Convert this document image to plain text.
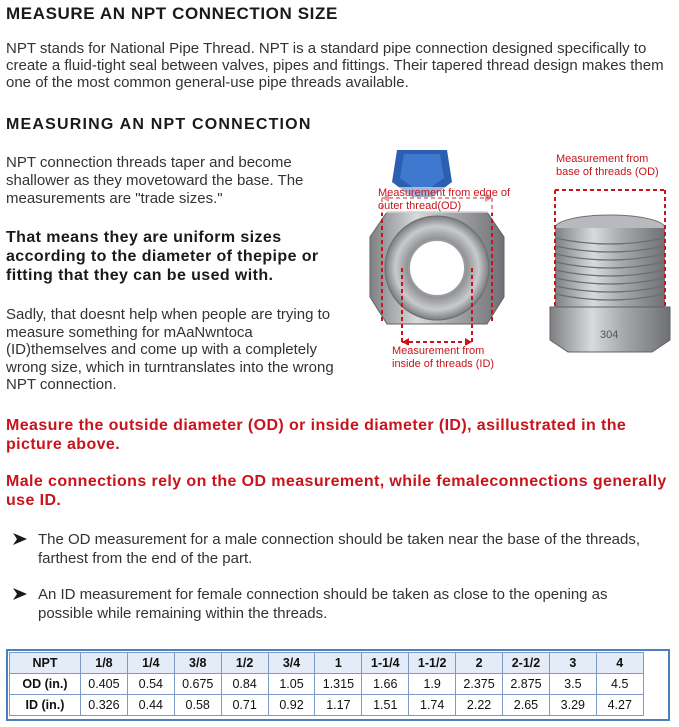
MEASURE AN NPT CONNECTION SIZE
NPT stands for National Pipe Thread. NPT is a standard pipe connection designed specifically to create a fluid-tight seal between valves, pipes and fittings. Their tapered thread design makes them one of the most common general-use pipe threads available.
MEASURING AN NPT CONNECTION
NPT connection threads taper and become shallower as they movetoward the base. The measurements are "trade sizes."
That means they are uniform sizes according to the diameter of thepipe or fitting that they can be used with.
Sadly, that doesnt help when people are trying to measure something for mAaNwntoca (ID)themselves and come up with a completely wrong size, which in turntranslates into the wrong NPT connection.
304
Measurement from edge of outer thread(OD)
Measurement from base of threads (OD)
Measurement from inside of threads (ID)
Measure the outside diameter (OD) or inside diameter (ID), asillustrated in the picture above.
Male connections rely on the OD measurement, while femaleconnections generally use ID.
The OD measurement for a male connection should be taken near the base of the threads, farthest from the end of the part.
An ID measurement for female connection should be taken as close to the opening as possible while remaining within the threads.
NPT	1/8	1/4	3/8	1/2	3/4	1	1-1/4	1-1/2	2	2-1/2	3	4
OD (in.)	0.405	0.54	0.675	0.84	1.05	1.315	1.66	1.9	2.375	2.875	3.5	4.5
ID (in.)	0.326	0.44	0.58	0.71	0.92	1.17	1.51	1.74	2.22	2.65	3.29	4.27
